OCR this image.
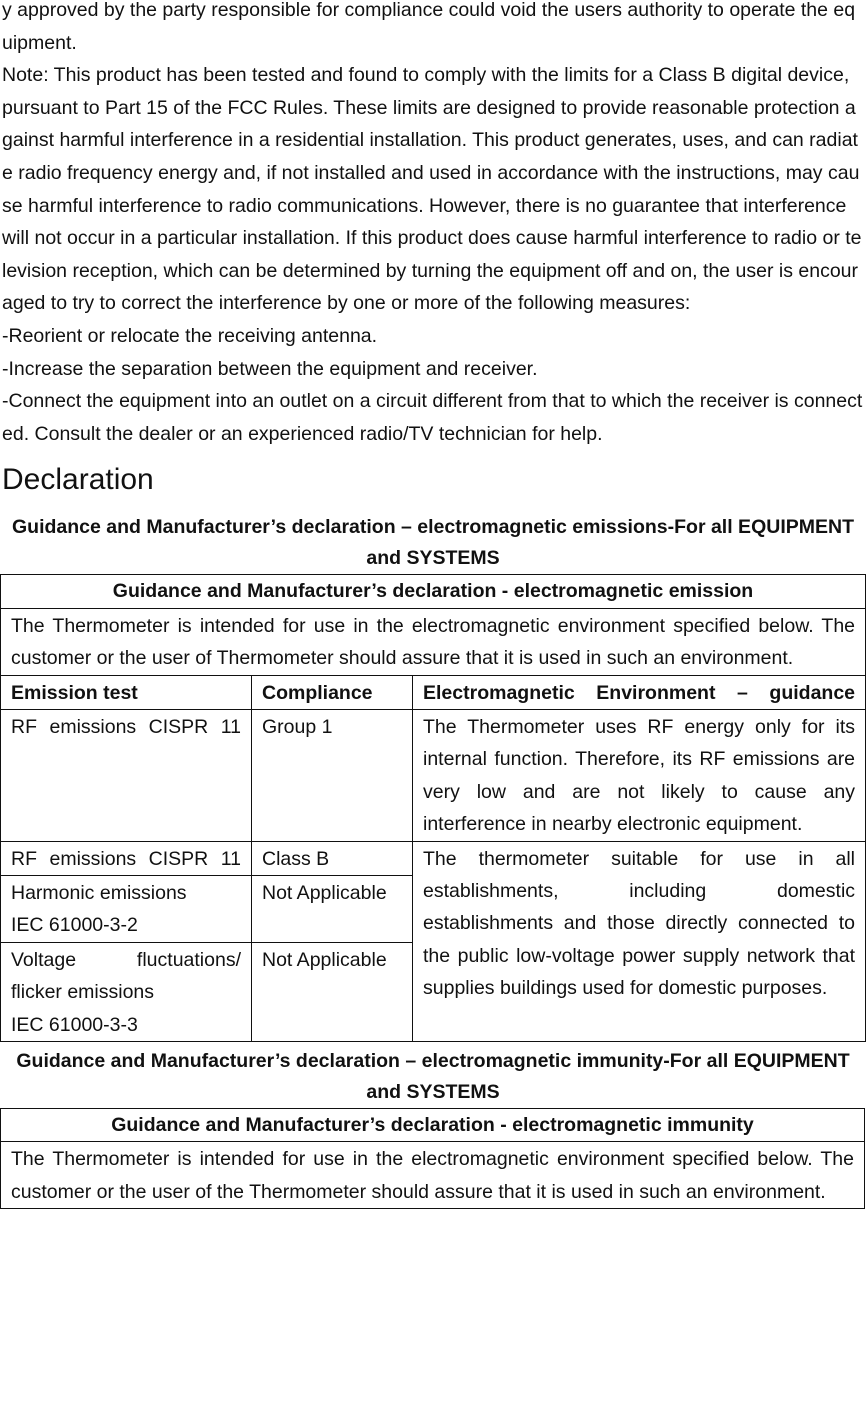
y approved by the party responsible for compliance could void the users authority to operate the equipment.

Note: This product has been tested and found to comply with the limits for a Class B digital device, pursuant to Part 15 of the FCC Rules. These limits are designed to provide reasonable protection against harmful interference in a residential installation. This product generates, uses, and can radiate radio frequency energy and, if not installed and used in accordance with the instructions, may cause harmful interference to radio communications. However, there is no guarantee that interference will not occur in a particular installation. If this product does cause harmful interference to radio or television reception, which can be determined by turning the equipment off and on, the user is encouraged to try to correct the interference by one or more of the following measures:

-Reorient or relocate the receiving antenna.

-Increase the separation between the equipment and receiver.

-Connect the equipment into an outlet on a circuit different from that to which the receiver is connected. Consult the dealer or an experienced radio/TV technician for help.

Declaration

Guidance and Manufacturer’s declaration – electromagnetic emissions-For all EQUIPMENT and SYSTEMS

Guidance and Manufacturer’s declaration - electromagnetic emission		
The Thermometer is intended for use in the electromagnetic environment specified below. The customer or the user of Thermometer should assure that it is used in such an environment.		
Emission test	Compliance	Electromagnetic Environment – guidance
RF emissions CISPR 11	Group 1	The Thermometer uses RF energy only for its internal function. Therefore, its RF emissions are very low and are not likely to cause any interference in nearby electronic equipment.
RF emissions CISPR 11	Class B	The thermometer suitable for use in all establishments, including domestic establishments and those directly connected to the public low-voltage power supply network that supplies buildings used for domestic purposes.

Harmonic emissions
IEC 61000-3-2	Not Applicable	

Voltage fluctuations/
flicker emissions
IEC 61000-3-3	Not Applicable	

Guidance and Manufacturer’s declaration – electromagnetic immunity-For all EQUIPMENT and SYSTEMS

Guidance and Manufacturer’s declaration - electromagnetic immunity
The Thermometer is intended for use in the electromagnetic environment specified below. The customer or the user of the Thermometer should assure that it is used in such an environment.
